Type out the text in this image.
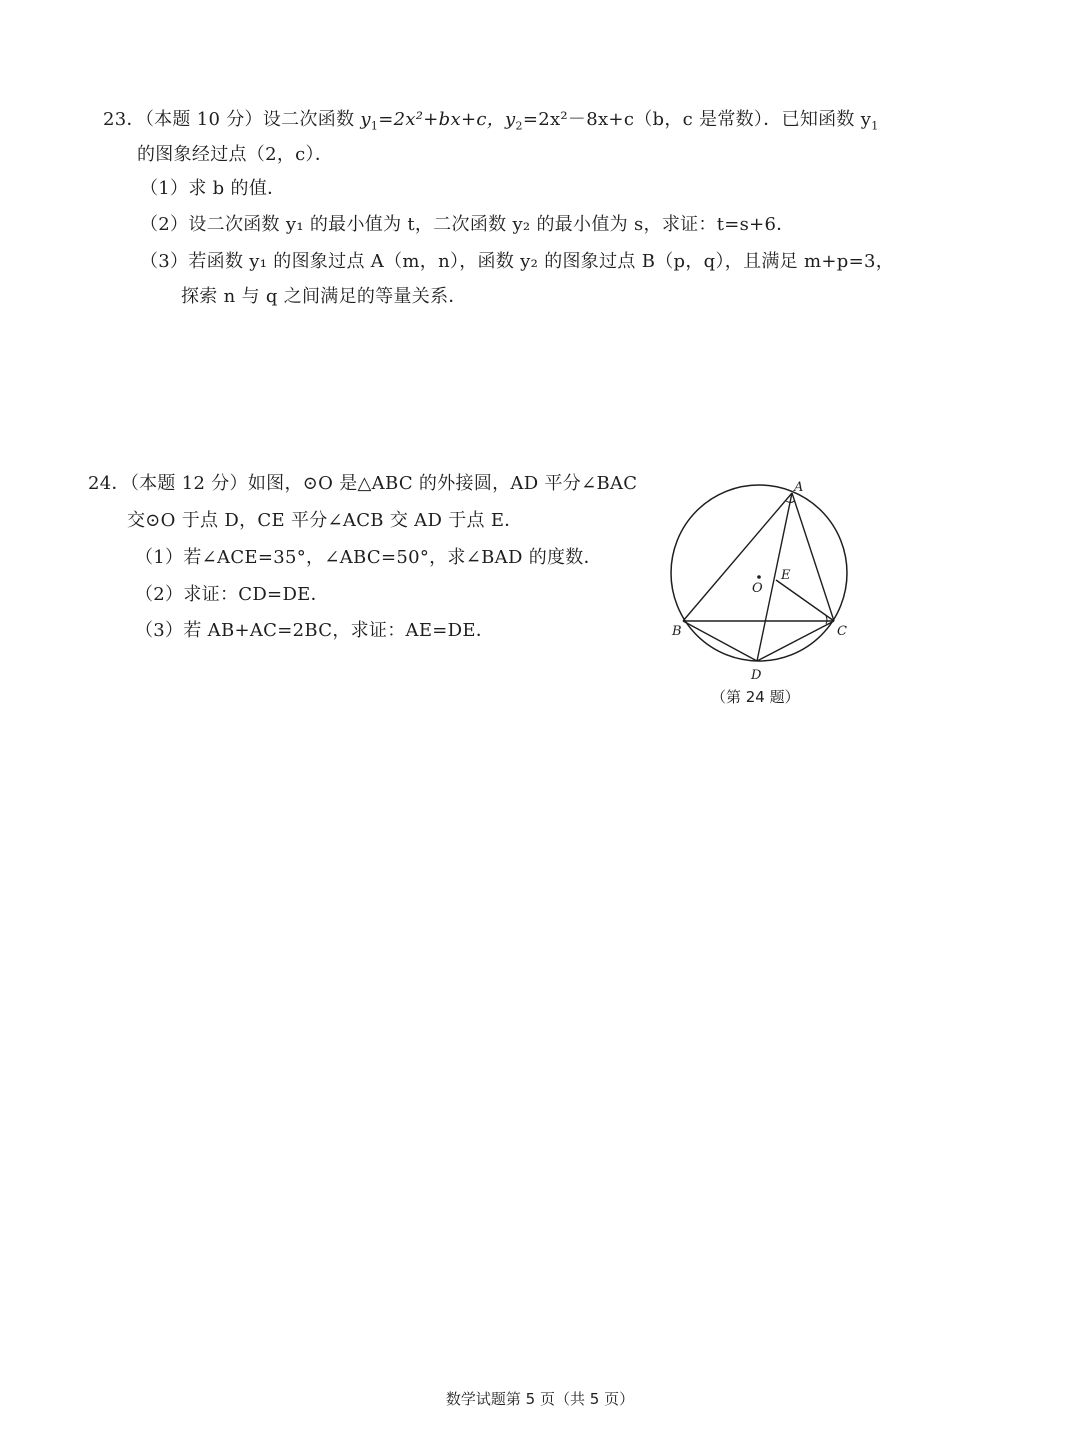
23．（本题 10 分）设二次函数 $y_1=2x^2+bx+c$，$y_2=2x^2-8x+c(b$，c 是常数）．已知函数 $y_1$
的图象经过点（2，c）．
（1）求 b 的值．
（2）设二次函数 y₁ 的最小值为 t，二次函数 y₂ 的最小值为 s，求证：t=s+6．
（3）若函数 y₁ 的图象过点 A（m，n），函数 y₂ 的图象过点 B（p，q），且满足 m+p=3，
探索 n 与 q 之间满足的等量关系．
24．（本题 12 分）如图，⊙O 是△ABC 的外接圆，AD 平分∠BAC
交⊙O 于点 D，CE 平分∠ACB 交 AD 于点 E．
（1）若∠ACE=35°，∠ABC=50°，求∠BAD 的度数．
（2）求证：CD=DE．
（3）若 AB+AC=2BC，求证：AE=DE．
A
B	C
D
E
O
（第 24 题）
数学试题第 5 页（共 5 页）
